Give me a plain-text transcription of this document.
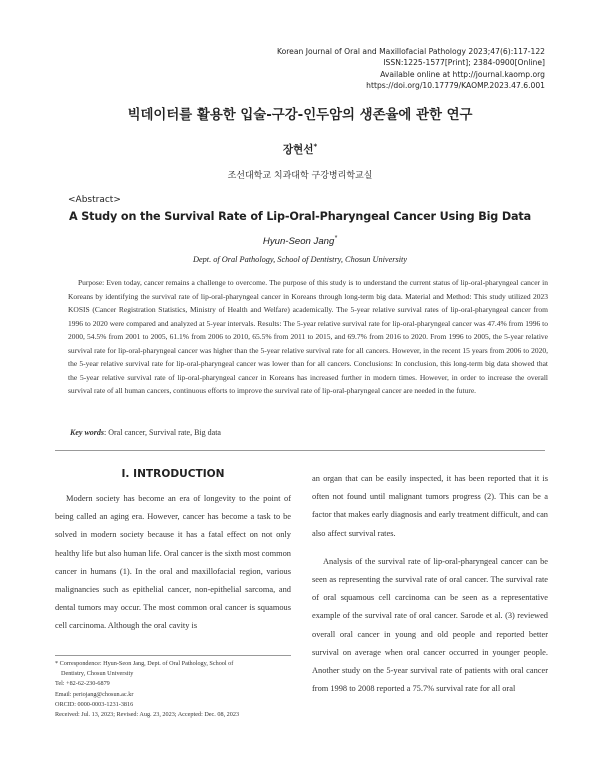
Korean Journal of Oral and Maxillofacial Pathology 2023;47(6):117-122
ISSN:1225-1577[Print]; 2384-0900[Online]
Available online at http://journal.kaomp.org
https://doi.org/10.17779/KAOMP.2023.47.6.001
빅데이터를 활용한 입술-구강-인두암의 생존율에 관한 연구
장현선*
조선대학교 치과대학 구강병리학교실
<Abstract>
A Study on the Survival Rate of Lip-Oral-Pharyngeal Cancer Using Big Data
Hyun-Seon Jang*
Dept. of Oral Pathology, School of Dentistry, Chosun University

Purpose: Even today, cancer remains a challenge to overcome. The purpose of this study is to understand the current status of lip-oral-pharyngeal cancer in Koreans by identifying the survival rate of lip-oral-pharyngeal cancer in Koreans through long-term big data. Material and Method: This study utilized 2023 KOSIS (Cancer Registration Statistics, Ministry of Health and Welfare) academically. The 5-year relative survival rates of lip-oral-pharyngeal cancer from 1996 to 2020 were compared and analyzed at 5-year intervals. Results: The 5-year relative survival rate for lip-oral-pharyngeal cancer was 47.4% from 1996 to 2000, 54.5% from 2001 to 2005, 61.1% from 2006 to 2010, 65.5% from 2011 to 2015, and 69.7% from 2016 to 2020. From 1996 to 2005, the 5-year relative survival rate for lip-oral-pharyngeal cancer was higher than the 5-year relative survival rate for all cancers. However, in the recent 15 years from 2006 to 2020, the 5-year relative survival rate for lip-oral-pharyngeal cancer was lower than for all cancers. Conclusions: In conclusion, this long-term big data showed that the 5-year relative survival rate of lip-oral-pharyngeal cancer in Koreans has increased further in modern times. However, in order to increase the overall survival rate of all human cancers, continuous efforts to improve the survival rate of lip-oral-pharyngeal cancer are needed in the future.

Key words: Oral cancer, Survival rate, Big data
Ⅰ. INTRODUCTION

Modern society has become an era of longevity to the point of being called an aging era. However, cancer has become a task to be solved in modern society because it has a fatal effect on not only healthy life but also human life. Oral cancer is the sixth most common cancer in humans (1). In the oral and maxillofacial region, various malignancies such as epithelial cancer, non-epithelial sarcoma, and dental tumors may occur. The most common oral cancer is squamous cell carcinoma. Although the oral cavity is

an organ that can be easily inspected, it has been reported that it is often not found until malignant tumors progress (2). This can be a factor that makes early diagnosis and early treatment difficult, and can also affect survival rates.

Analysis of the survival rate of lip-oral-pharyngeal cancer can be seen as representing the survival rate of oral cancer. The survival rate of oral squamous cell carcinoma can be seen as a representative example of the survival rate of oral cancer. Sarode et al. (3) reviewed overall oral cancer in young and old people and reported better survival on average when oral cancer occurred in younger people. Another study on the 5-year survival rate of patients with oral cancer from 1998 to 2008 reported a 75.7% survival rate for all oral

* Correspondence: Hyun-Seon Jang, Dept. of Oral Pathology, School of
Dentistry, Chosun University
Tel: +82-62-230-6879
Email: periojang@chosun.ac.kr
ORCID: 0000-0003-1231-3816
Received: Jul. 13, 2023; Revised: Aug. 23, 2023; Accepted: Dec. 08, 2023
